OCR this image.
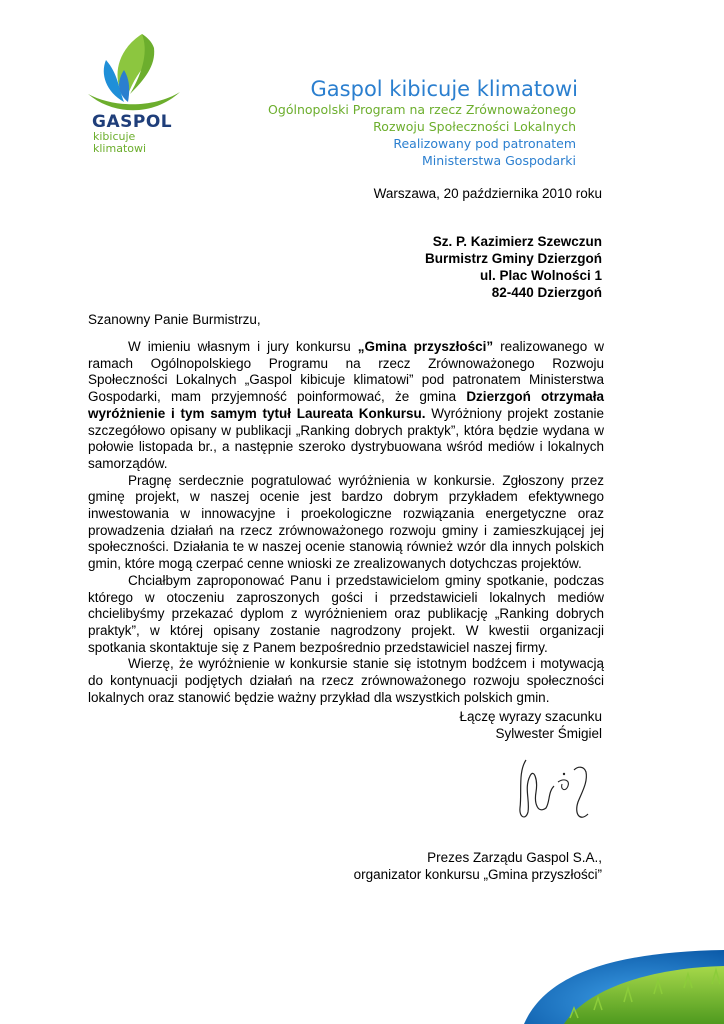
GASPOL
kibicuje
klimatowi
Gaspol kibicuje klimatowi
Ogólnopolski Program na rzecz Zrównoważonego
Rozwoju Społeczności Lokalnych
Realizowany pod patronatem
Ministerstwa Gospodarki
Warszawa, 20 października 2010 roku
Sz. P. Kazimierz Szewczun
Burmistrz Gminy Dzierzgoń
ul. Plac Wolności 1
82-440 Dzierzgoń
Szanowny Panie Burmistrzu,

W imieniu własnym i jury konkursu „Gmina przyszłości” realizowanego w ramach Ogólnopolskiego Programu na rzecz Zrównoważonego Rozwoju Społeczności Lokalnych „Gaspol kibicuje klimatowi” pod patronatem Ministerstwa Gospodarki, mam przyjemność poinformować, że gmina Dzierzgoń otrzymała wyróżnienie i tym samym tytuł Laureata Konkursu. Wyróżniony projekt zostanie szczegółowo opisany w publikacji „Ranking dobrych praktyk”, która będzie wydana w połowie listopada br., a następnie szeroko dystrybuowana wśród mediów i lokalnych samorządów.

Pragnę serdecznie pogratulować wyróżnienia w konkursie. Zgłoszony przez gminę projekt, w naszej ocenie jest bardzo dobrym przykładem efektywnego inwestowania w innowacyjne i proekologiczne rozwiązania energetyczne oraz prowadzenia działań na rzecz zrównoważonego rozwoju gminy i zamieszkującej jej społeczności. Działania te w naszej ocenie stanowią również wzór dla innych polskich gmin, które mogą czerpać cenne wnioski ze zrealizowanych dotychczas projektów.

Chciałbym zaproponować Panu i przedstawicielom gminy spotkanie, podczas którego w otoczeniu zaproszonych gości i przedstawicieli lokalnych mediów chcielibyśmy przekazać dyplom z wyróżnieniem oraz publikację „Ranking dobrych praktyk”, w której opisany zostanie nagrodzony projekt. W kwestii organizacji spotkania skontaktuje się z Panem bezpośrednio przedstawiciel naszej firmy.

Wierzę, że wyróżnienie w konkursie stanie się istotnym bodźcem i motywacją do kontynuacji podjętych działań na rzecz zrównoważonego rozwoju społeczności lokalnych oraz stanowić będzie ważny przykład dla wszystkich polskich gmin.

Łączę wyrazy szacunku
Sylwester Śmigiel
Prezes Zarządu Gaspol S.A.,
organizator konkursu „Gmina przyszłości”
